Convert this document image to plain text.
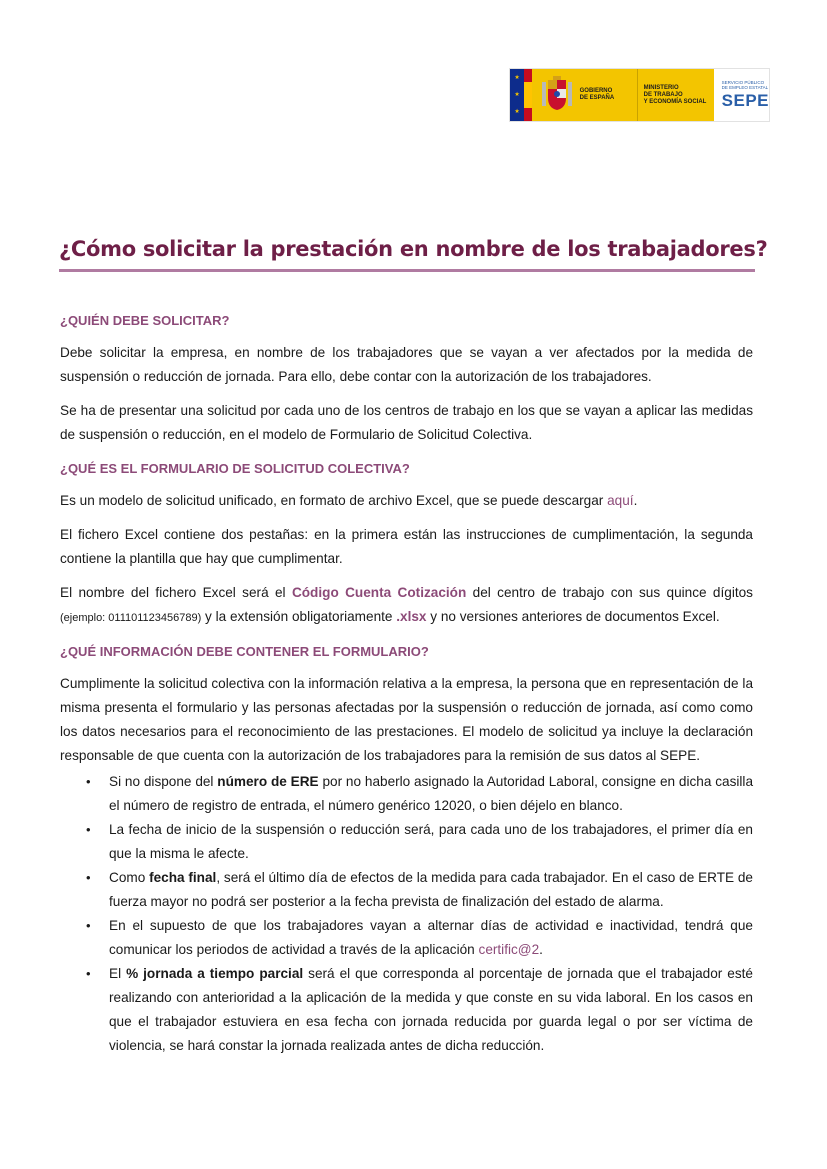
★
★
★
GOBIERNO
DE ESPAÑA
MINISTERIO
DE TRABAJO
Y ECONOMÍA SOCIAL
SERVICIO PÚBLICO
DE EMPLEO ESTATAL
SEPE
¿Cómo solicitar la prestación en nombre de los trabajadores?
¿QUIÉN DEBE SOLICITAR?

Debe solicitar la empresa, en nombre de los trabajadores que se vayan a ver afectados por la medida de suspensión o reducción de jornada. Para ello, debe contar con la autorización de los trabajadores.

Se ha de presentar una solicitud por cada uno de los centros de trabajo en los que se vayan a aplicar las medidas de suspensión o reducción, en el modelo de Formulario de Solicitud Colectiva.

¿QUÉ ES EL FORMULARIO DE SOLICITUD COLECTIVA?

Es un modelo de solicitud unificado, en formato de archivo Excel, que se puede descargar aquí.

El fichero Excel contiene dos pestañas: en la primera están las instrucciones de cumplimentación, la segunda contiene la plantilla que hay que cumplimentar.

El nombre del fichero Excel será el Código Cuenta Cotización del centro de trabajo con sus quince dígitos (ejemplo: 011101123456789) y la extensión obligatoriamente .xlsx y no versiones anteriores de documentos Excel.

¿QUÉ INFORMACIÓN DEBE CONTENER EL FORMULARIO?

Cumplimente la solicitud colectiva con la información relativa a la empresa, la persona que en representación de la misma presenta el formulario y las personas afectadas por la suspensión o reducción de jornada, así como como los datos necesarios para el reconocimiento de las prestaciones. El modelo de solicitud ya incluye la declaración responsable de que cuenta con la autorización de los trabajadores para la remisión de sus datos al SEPE.

• Si no dispone del número de ERE por no haberlo asignado la Autoridad Laboral, consigne en dicha casilla el número de registro de entrada, el número genérico 12020, o bien déjelo en blanco.
• La fecha de inicio de la suspensión o reducción será, para cada uno de los trabajadores, el primer día en que la misma le afecte.
• Como fecha final, será el último día de efectos de la medida para cada trabajador. En el caso de ERTE de fuerza mayor no podrá ser posterior a la fecha prevista de finalización del estado de alarma.
• En el supuesto de que los trabajadores vayan a alternar días de actividad e inactividad, tendrá que comunicar los periodos de actividad a través de la aplicación certific@2.
• El % jornada a tiempo parcial será el que corresponda al porcentaje de jornada que el trabajador esté realizando con anterioridad a la aplicación de la medida y que conste en su vida laboral. En los casos en que el trabajador estuviera en esa fecha con jornada reducida por guarda legal o por ser víctima de violencia, se hará constar la jornada realizada antes de dicha reducción.
